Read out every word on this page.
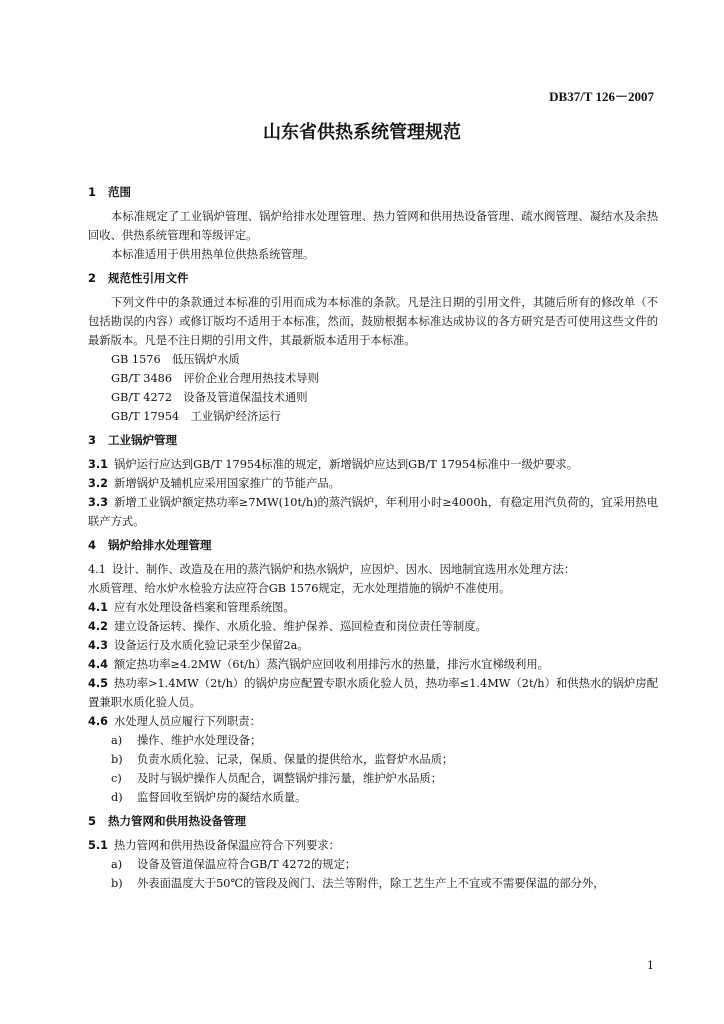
DB37/T 126－2007
山东省供热系统管理规范
1 范围
本标准规定了工业锅炉管理、锅炉给排水处理管理、热力管网和供用热设备管理、疏水阀管理、凝结水及余热回收、供热系统管理和等级评定。
本标准适用于供用热单位供热系统管理。
2 规范性引用文件
下列文件中的条款通过本标准的引用而成为本标准的条款。凡是注日期的引用文件，其随后所有的修改单（不包括勘误的内容）或修订版均不适用于本标准，然而，鼓励根据本标准达成协议的各方研究是否可使用这些文件的最新版本。凡是不注日期的引用文件，其最新版本适用于本标准。
GB 1576　低压锅炉水质
GB/T 3486　评价企业合理用热技术导则
GB/T 4272　设备及管道保温技术通则
GB/T 17954　工业锅炉经济运行
3 工业锅炉管理
3.1 锅炉运行应达到GB/T 17954标准的规定，新增锅炉应达到GB/T 17954标准中一级炉要求。
3.2 新增锅炉及辅机应采用国家推广的节能产品。
3.3 新增工业锅炉额定热功率≥7MW(10t/h)的蒸汽锅炉，年利用小时≥4000h，有稳定用汽负荷的，宜采用热电联产方式。
4 锅炉给排水处理管理
4.1 设计、制作、改造及在用的蒸汽锅炉和热水锅炉，应因炉、因水、因地制宜选用水处理方法：
水质管理、给水炉水检验方法应符合GB 1576规定，无水处理措施的锅炉不准使用。
4.1 应有水处理设备档案和管理系统图。
4.2 建立设备运转、操作、水质化验、维护保养、巡回检查和岗位责任等制度。
4.3 设备运行及水质化验记录至少保留2a。
4.4 额定热功率≥4.2MW（6t/h）蒸汽锅炉应回收利用排污水的热量，排污水宜梯级利用。
4.5 热功率>1.4MW（2t/h）的锅炉房应配置专职水质化验人员，热功率≤1.4MW（2t/h）和供热水的锅炉房配置兼职水质化验人员。
4.6 水处理人员应履行下列职责：
a) 操作、维护水处理设备；
b) 负责水质化验、记录，保质、保量的提供给水，监督炉水品质；
c) 及时与锅炉操作人员配合，调整锅炉排污量，维护炉水品质；
d) 监督回收至锅炉房的凝结水质量。
5 热力管网和供用热设备管理
5.1 热力管网和供用热设备保温应符合下列要求：
a) 设备及管道保温应符合GB/T 4272的规定；
b) 外表面温度大于50℃的管段及阀门、法兰等附件，除工艺生产上不宜或不需要保温的部分外，
1
